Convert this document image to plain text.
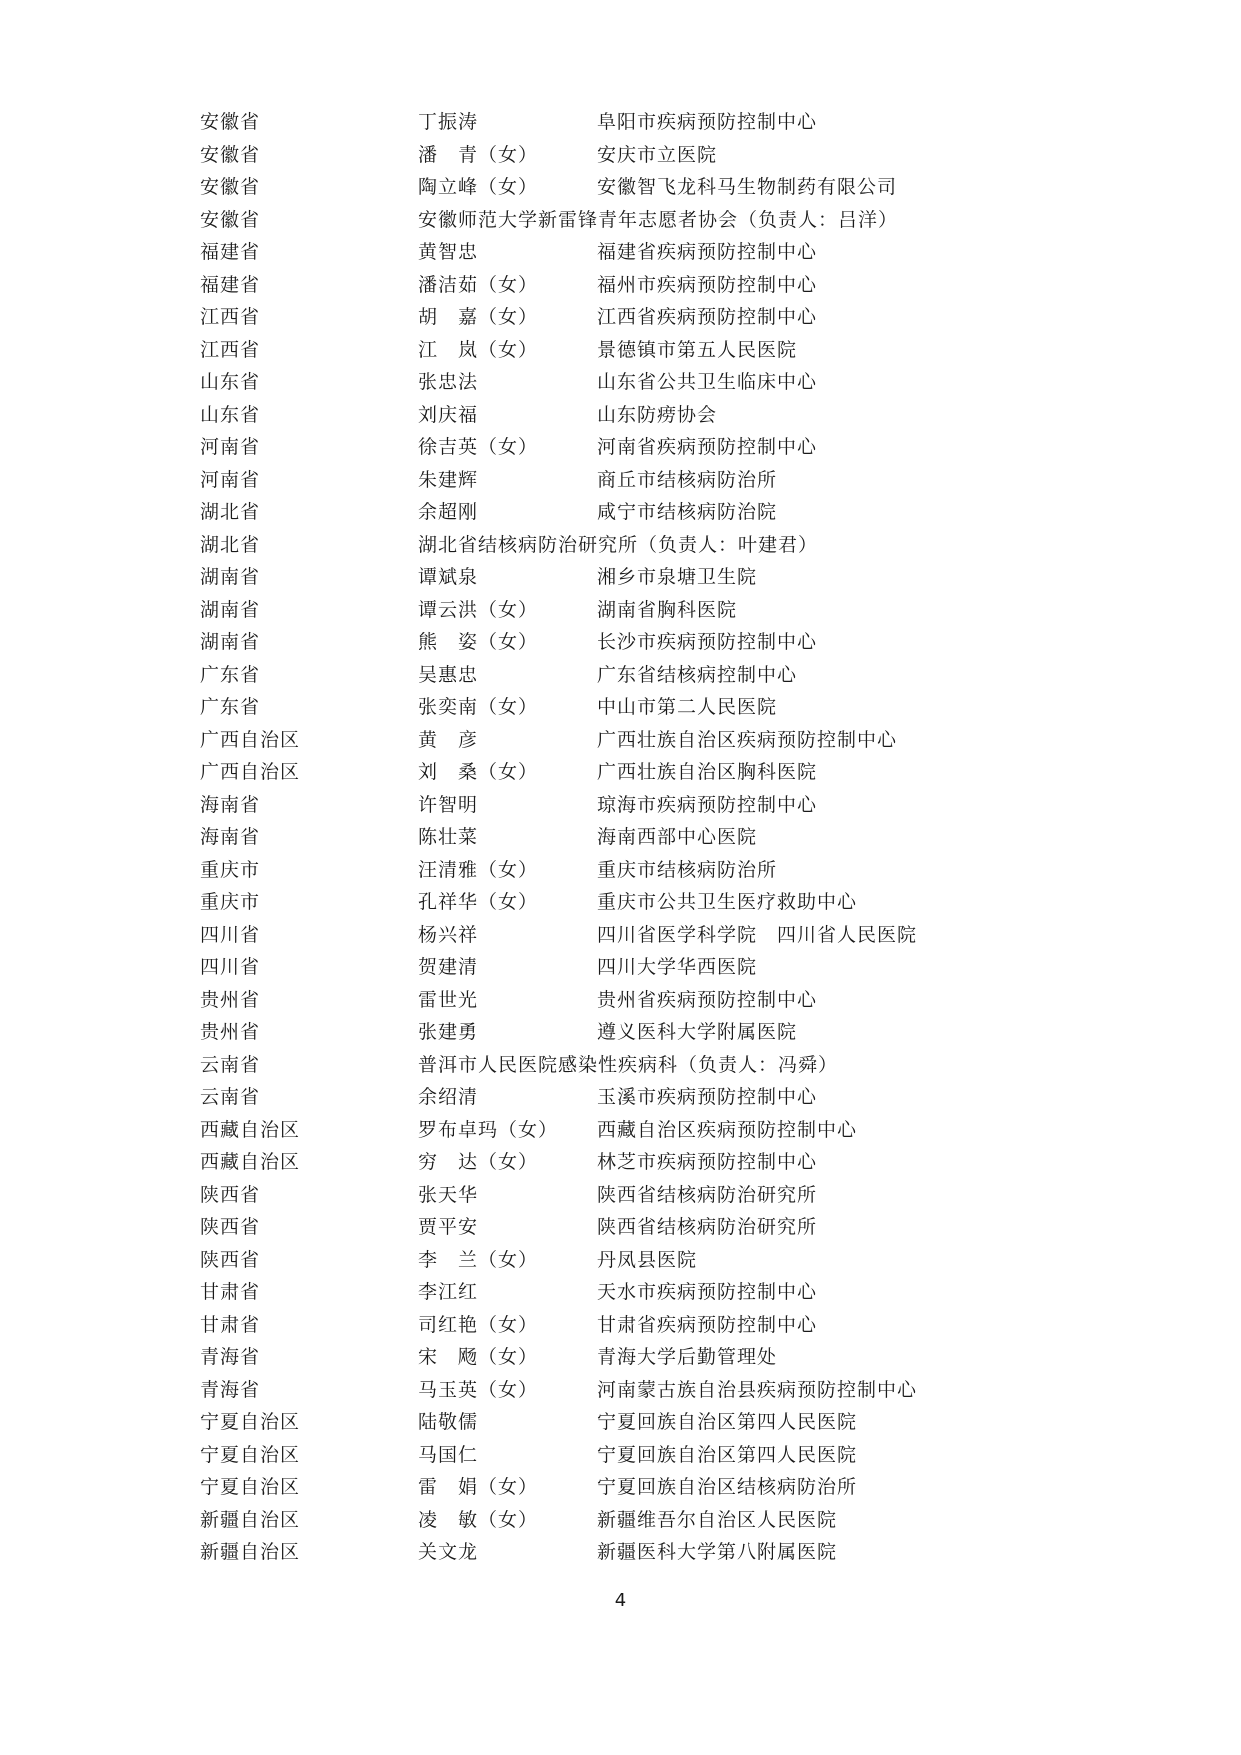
安徽省	丁振涛	阜阳市疾病预防控制中心
安徽省	潘　青（女）	安庆市立医院
安徽省	陶立峰（女）	安徽智飞龙科马生物制药有限公司
安徽省	安徽师范大学新雷锋青年志愿者协会（负责人：吕洋）
福建省	黄智忠	福建省疾病预防控制中心
福建省	潘洁茹（女）	福州市疾病预防控制中心
江西省	胡　嘉（女）	江西省疾病预防控制中心
江西省	江　岚（女）	景德镇市第五人民医院
山东省	张忠法	山东省公共卫生临床中心
山东省	刘庆福	山东防痨协会
河南省	徐吉英（女）	河南省疾病预防控制中心
河南省	朱建辉	商丘市结核病防治所
湖北省	余超刚	咸宁市结核病防治院
湖北省	湖北省结核病防治研究所（负责人：叶建君）
湖南省	谭斌泉	湘乡市泉塘卫生院
湖南省	谭云洪（女）	湖南省胸科医院
湖南省	熊　姿（女）	长沙市疾病预防控制中心
广东省	吴惠忠	广东省结核病控制中心
广东省	张奕南（女）	中山市第二人民医院
广西自治区	黄　彦	广西壮族自治区疾病预防控制中心
广西自治区	刘　桑（女）	广西壮族自治区胸科医院
海南省	许智明	琼海市疾病预防控制中心
海南省	陈壮菜	海南西部中心医院
重庆市	汪清雅（女）	重庆市结核病防治所
重庆市	孔祥华（女）	重庆市公共卫生医疗救助中心
四川省	杨兴祥	四川省医学科学院　四川省人民医院
四川省	贺建清	四川大学华西医院
贵州省	雷世光	贵州省疾病预防控制中心
贵州省	张建勇	遵义医科大学附属医院
云南省	普洱市人民医院感染性疾病科（负责人：冯舜）
云南省	余绍清	玉溪市疾病预防控制中心
西藏自治区	罗布卓玛（女） 西藏自治区疾病预防控制中心
西藏自治区	穷　达（女）	林芝市疾病预防控制中心
陕西省	张天华	陕西省结核病防治研究所
陕西省	贾平安	陕西省结核病防治研究所
陕西省	李　兰（女）	丹凤县医院
甘肃省	李江红	天水市疾病预防控制中心
甘肃省	司红艳（女）	甘肃省疾病预防控制中心
青海省	宋　飏（女）	青海大学后勤管理处
青海省	马玉英（女）	河南蒙古族自治县疾病预防控制中心
宁夏自治区	陆敬儒	宁夏回族自治区第四人民医院
宁夏自治区	马国仁	宁夏回族自治区第四人民医院
宁夏自治区	雷　娟（女）	宁夏回族自治区结核病防治所
新疆自治区	凌　敏（女）	新疆维吾尔自治区人民医院
新疆自治区	关文龙	新疆医科大学第八附属医院
4
